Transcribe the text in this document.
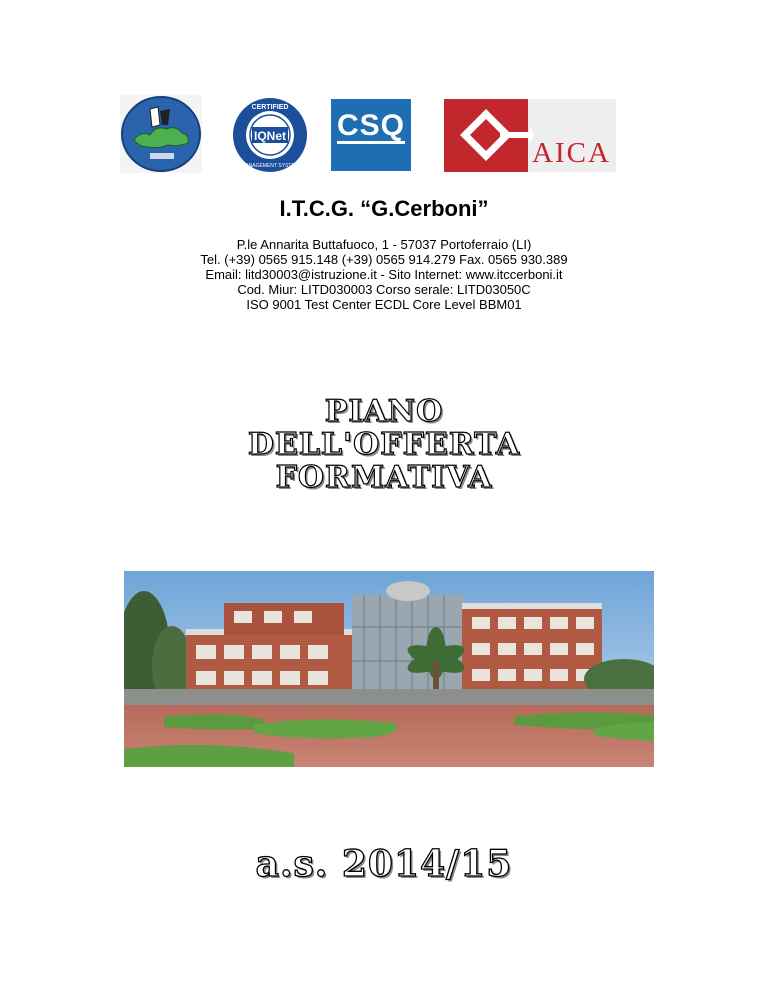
IQNet
CERTIFIED
MANAGEMENT SYSTEM
CSQ
AICA
I.T.C.G. “G.Cerboni”
P.le Annarita Buttafuoco, 1 - 57037 Portoferraio (LI)
Tel. (+39) 0565 915.148 (+39) 0565 914.279 Fax. 0565 930.389
Email: litd30003@istruzione.it - Sito Internet: www.itccerboni.it
Cod. Miur: LITD030003 Corso serale: LITD03050C
ISO 9001 Test Center ECDL Core Level BBM01
PIANO
DELL'OFFERTA
FORMATIVA
a.s. 2014/15
